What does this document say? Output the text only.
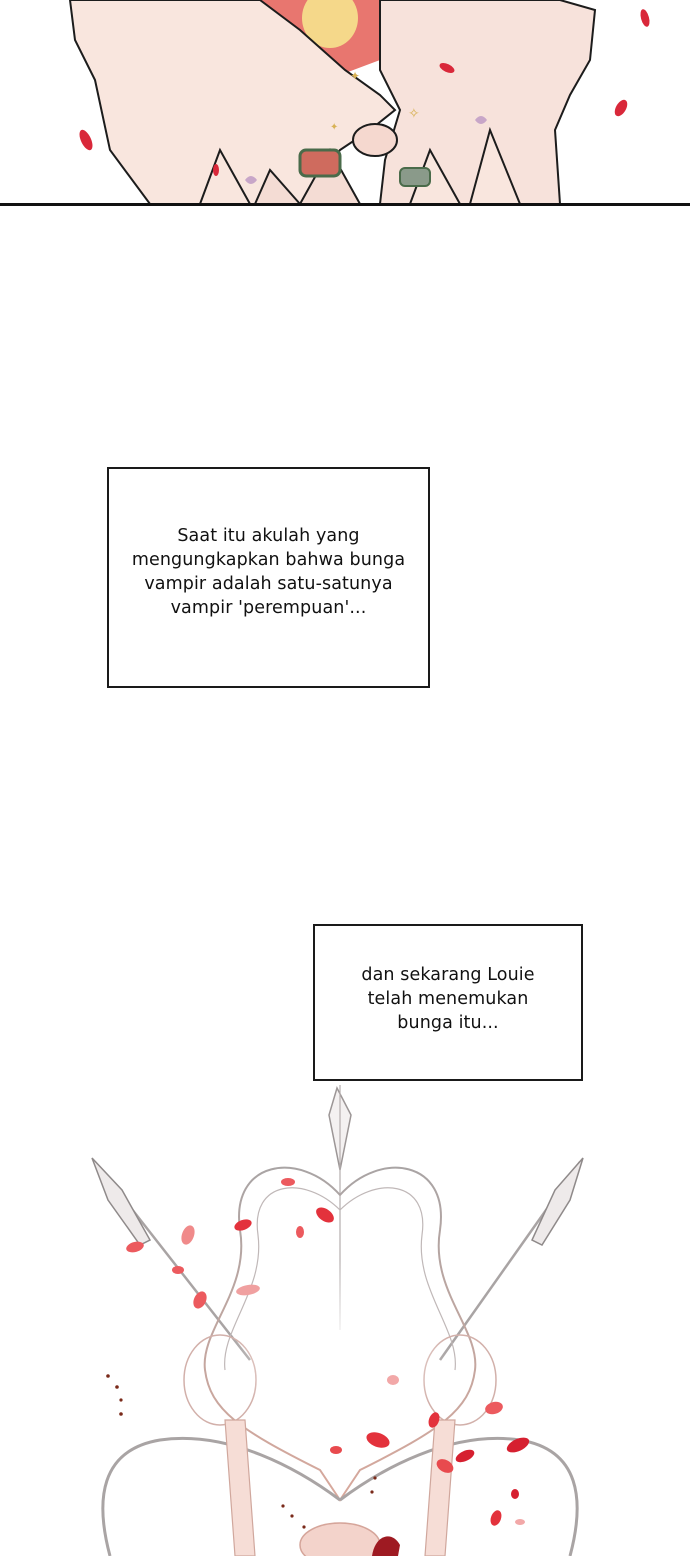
✦
✧
✦
Saat itu akulah yang
mengungkapkan bahwa bunga
vampir adalah satu-satunya
vampir 'perempuan'...
dan sekarang Louie
telah menemukan
bunga itu...
